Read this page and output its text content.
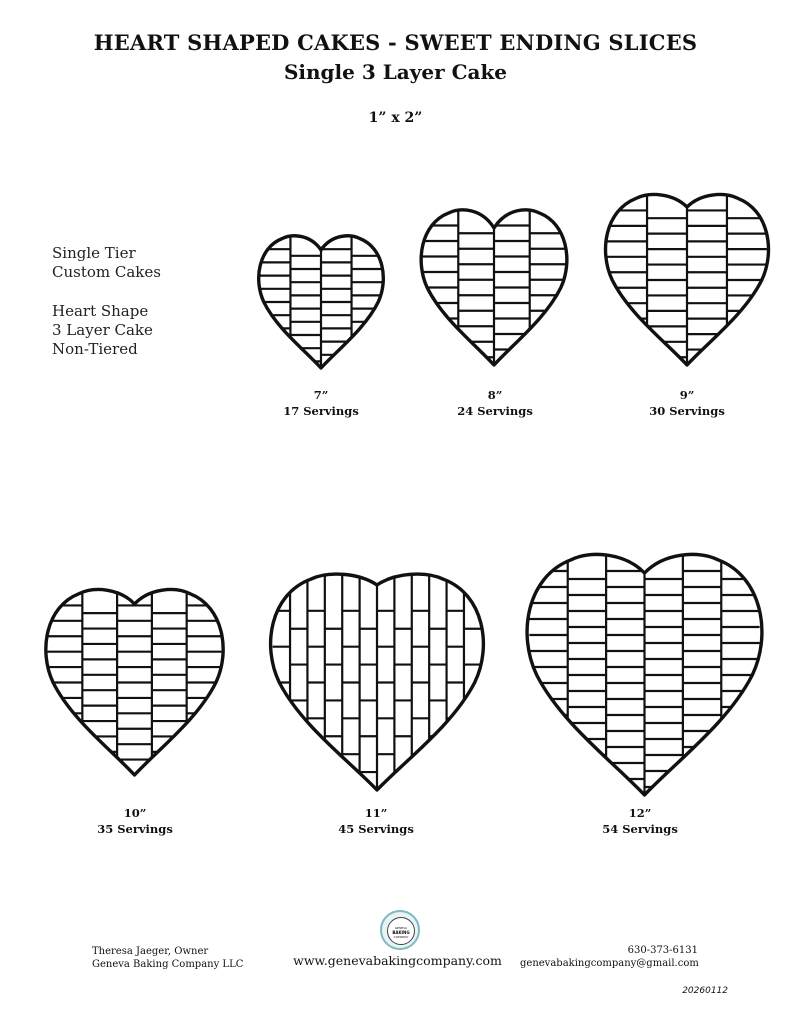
HEART SHAPED CAKES - SWEET ENDING SLICES
Single 3 Layer Cake
1” x 2”
Single Tier
Custom Cakes
Heart Shape
3 Layer Cake
Non-Tiered
7”
17 Servings
8”
24 Servings
9”
30 Servings
10”
35 Servings
11”
45 Servings
12”
54 Servings
GENEVA
BAKING
COMPANY
Theresa Jaeger, Owner
Geneva Baking Company LLC	www.genevabakingcompany.com
630-373-6131
genevabakingcompany@gmail.com
20260112
